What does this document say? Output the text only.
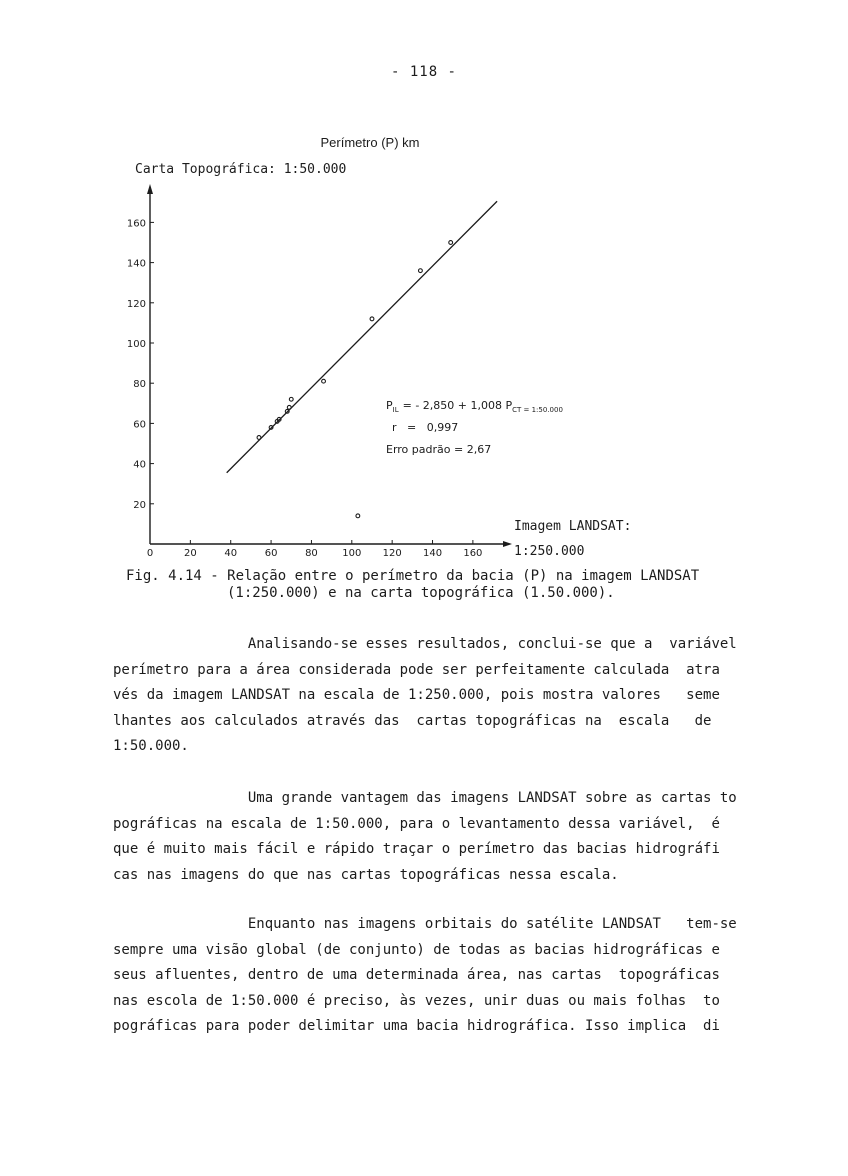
- 118 -
Perímetro (P) km
Carta Topográfica: 1:50.000
0	20	40	60	80 100 120 140 160
20
40
60
80
100
120
140
160
$P_{IL}$ = - 2,850 + 1,008 $P_{CT = 1:50.000}$
r   =   0,997
Erro padrão = 2,67
Imagem LANDSAT:
1:250.000
Fig. 4.14 - Relação entre o perímetro da bacia (P) na imagem LANDSAT
(1:250.000) e na carta topográfica (1.50.000).

Analisando-se esses resultados, conclui-se que a  variável
perímetro para a área considerada pode ser perfeitamente calculada  atra
vés da imagem LANDSAT na escala de 1:250.000, pois mostra valores   seme
lhantes aos calculados através das  cartas topográficas na  escala   de
1:50.000.

Uma grande vantagem das imagens LANDSAT sobre as cartas to
pográficas na escala de 1:50.000, para o levantamento dessa variável,  é
que é muito mais fácil e rápido traçar o perímetro das bacias hidrográfi
cas nas imagens do que nas cartas topográficas nessa escala.

Enquanto nas imagens orbitais do satélite LANDSAT   tem-se
sempre uma visão global (de conjunto) de todas as bacias hidrográficas e
seus afluentes, dentro de uma determinada área, nas cartas  topográficas
nas escola de 1:50.000 é preciso, às vezes, unir duas ou mais folhas  to
pográficas para poder delimitar uma bacia hidrográfica. Isso implica  di
